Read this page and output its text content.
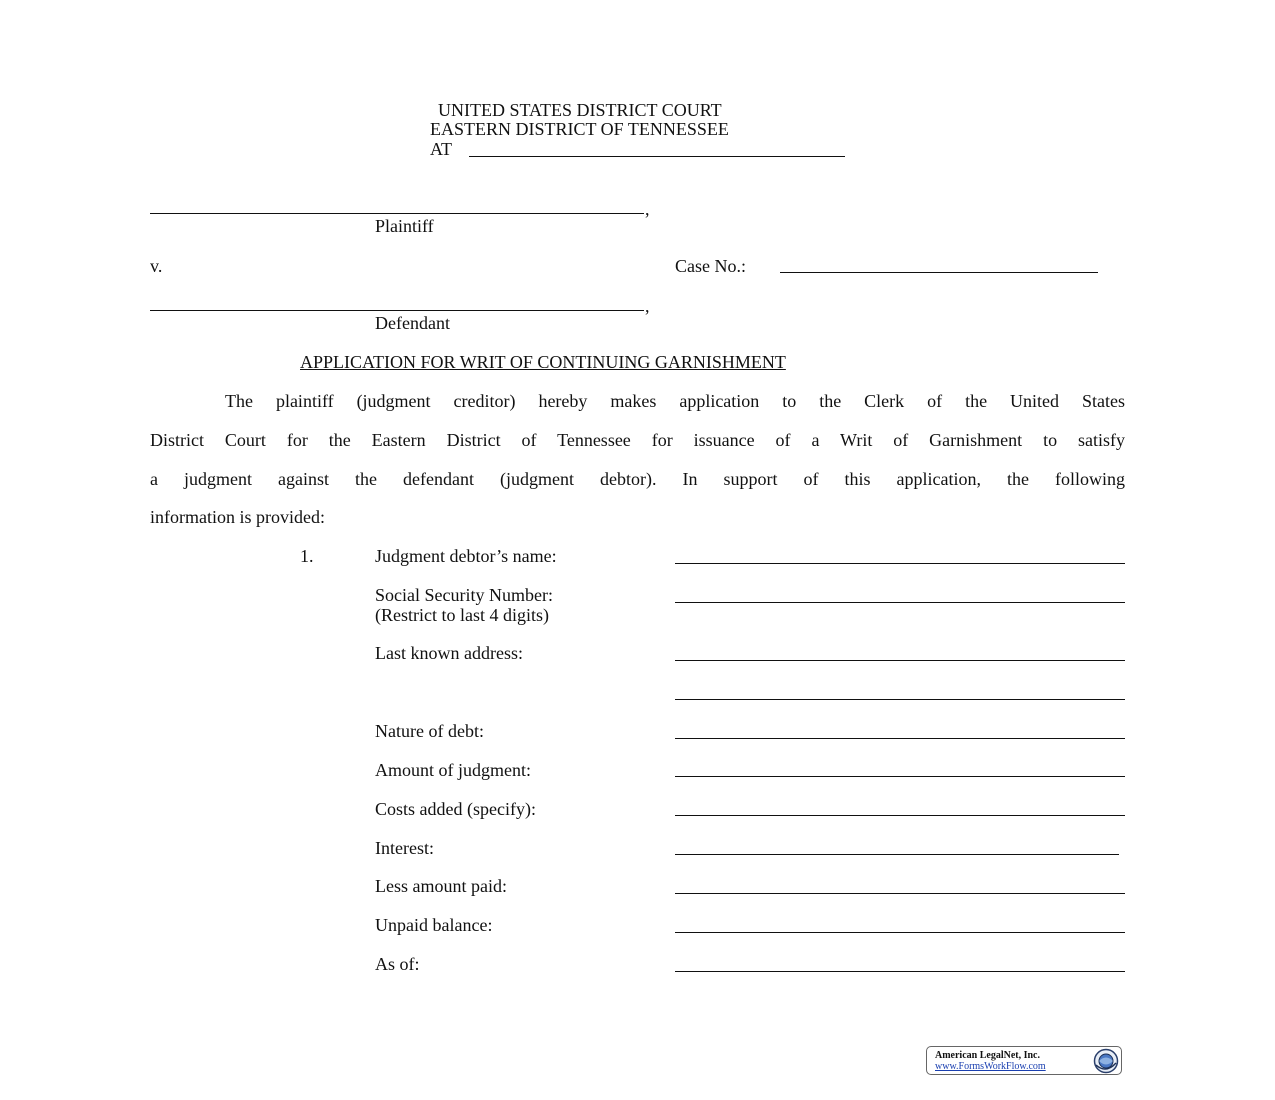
UNITED STATES DISTRICT COURT
EASTERN DISTRICT OF TENNESSEE
AT
,
Plaintiff
v.	Case No.:
,
Defendant
APPLICATION FOR WRIT OF CONTINUING GARNISHMENT
The plaintiff (judgment creditor) hereby makes application to the Clerk of the United States
District Court for the Eastern District of Tennessee for issuance of a Writ of Garnishment to satisfy
a judgment against the defendant (judgment debtor). In support of this application, the following
information is provided:
1.	Judgment debtor’s name:
Social Security Number:
(Restrict to last 4 digits)
Last known address:
Nature of debt:
Amount of judgment:
Costs added (specify):
Interest:
Less amount paid:
Unpaid balance:
As of:
American LegalNet, Inc.
www.FormsWorkFlow.com
